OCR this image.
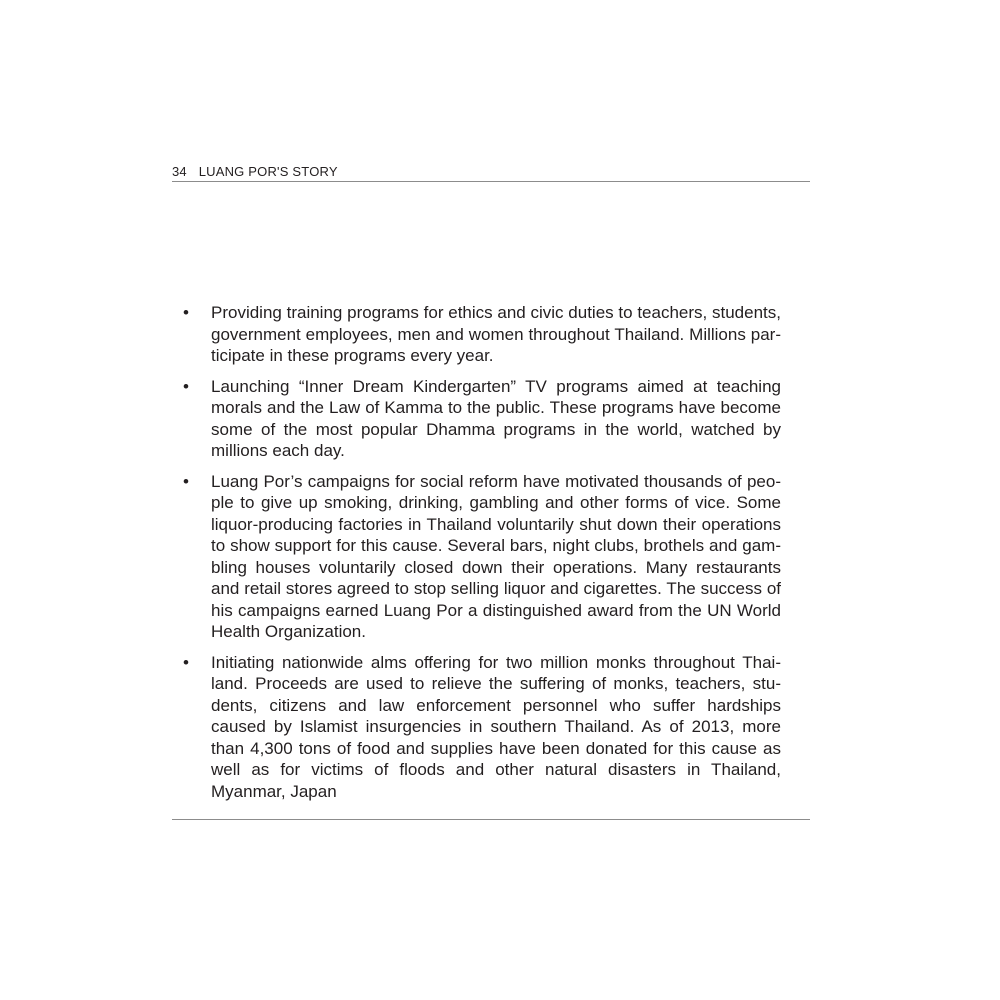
34 LUANG POR'S STORY
• Providing training programs for ethics and civic duties to teachers, students, government employees, men and women throughout Thailand. Millions participate in these programs every year.
• Launching “Inner Dream Kindergarten” TV programs aimed at teaching morals and the Law of Kamma to the public. These programs have become some of the most popular Dhamma programs in the world, watched by millions each day.
• Luang Por’s campaigns for social reform have motivated thousands of people to give up smoking, drinking, gambling and other forms of vice. Some liquor-producing factories in Thailand voluntarily shut down their operations to show support for this cause. Several bars, night clubs, brothels and gambling houses voluntarily closed down their operations. Many restaurants and retail stores agreed to stop selling liquor and cigarettes. The success of his campaigns earned Luang Por a distinguished award from the UN World Health Organization.
• Initiating nationwide alms offering for two million monks throughout Thailand. Proceeds are used to relieve the suffering of monks, teachers, students, citizens and law enforcement personnel who suffer hardships caused by Islamist insurgencies in southern Thailand. As of 2013, more than 4,300 tons of food and supplies have been donated for this cause as well as for victims of floods and other natural disasters in Thailand, Myanmar, Japan
